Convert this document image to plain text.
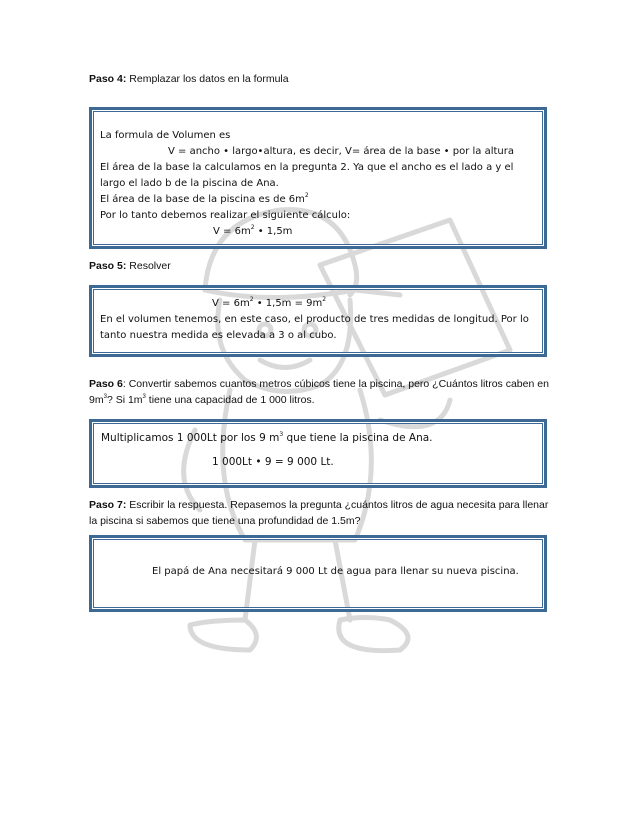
Paso 4: Remplazar los datos en la formula
La formula de Volumen es
V = ancho • largo•altura, es decir, V= área de la base • por la altura
El área de la base la calculamos en la pregunta 2. Ya que el ancho es el lado a y el largo el lado b de la piscina de Ana.
El área de la base de la piscina es de $6m^2$
Por lo tanto debemos realizar el siguiente cálculo:
$V = 6m^2$ • 1,5m
Paso 5: Resolver
$V = 6m^2$ • $1,5m = 9m^2$
En el volumen tenemos, en este caso, el producto de tres medidas de longitud. Por lo tanto nuestra medida es elevada a 3 o al cubo.
Paso 6: Convertir sabemos cuantos metros cúbicos tiene la piscina, pero ¿Cuántos litros caben en $9m^3$? Si $1m^3$ tiene una capacidad de 1 000 litros.
Multiplicamos 1 000Lt por los 9 $m^3$ que tiene la piscina de Ana.
1 000Lt • 9 = 9 000 Lt.
Paso 7: Escribir la respuesta. Repasemos la pregunta ¿cuántos litros de agua necesita para llenar la piscina si sabemos que tiene una profundidad de 1.5m?
El papá de Ana necesitará 9 000 Lt de agua para llenar su nueva piscina.
